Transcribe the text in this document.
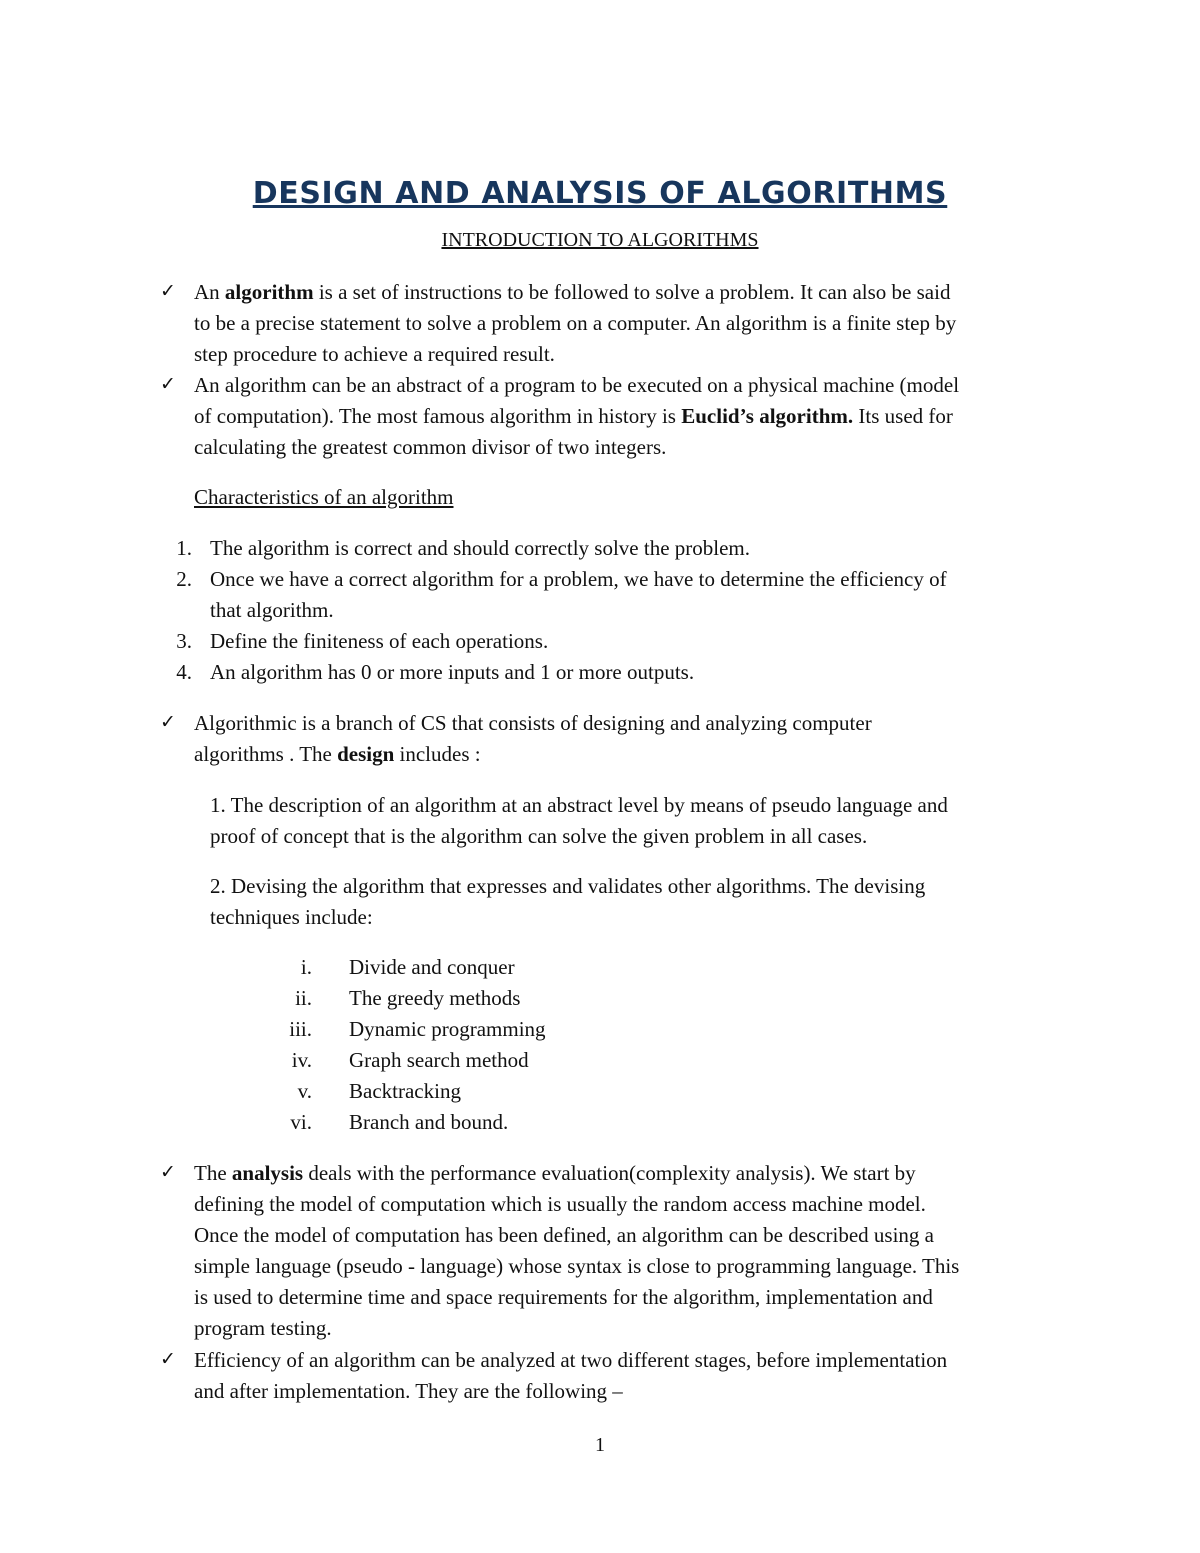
DESIGN AND ANALYSIS OF ALGORITHMS
INTRODUCTION TO ALGORITHMS
✓ An algorithm is a set of instructions to be followed to solve a problem. It can also be said
to be a precise statement to solve a problem on a computer. An algorithm is a finite step by
step procedure to achieve a required result.
✓ An algorithm can be an abstract of a program to be executed on a physical machine (model
of computation). The most famous algorithm in history is Euclid’s algorithm. Its used for
calculating the greatest common divisor of two integers.
Characteristics of an algorithm
1. The algorithm is correct and should correctly solve the problem.
2. Once we have a correct algorithm for a problem, we have to determine the efficiency of
that algorithm.
3. Define the finiteness of each operations.
4. An algorithm has 0 or more inputs and 1 or more outputs.
✓ Algorithmic is a branch of CS that consists of designing and analyzing computer
algorithms . The design includes :
1. The description of an algorithm at an abstract level by means of pseudo language and
proof of concept that is the algorithm can solve the given problem in all cases.
2. Devising the algorithm that expresses and validates other algorithms. The devising
techniques include:
i. Divide and conquer
ii. The greedy methods
iii. Dynamic programming
iv. Graph search method
v. Backtracking
vi. Branch and bound.
✓ The analysis deals with the performance evaluation(complexity analysis). We start by
defining the model of computation which is usually the random access machine model.
Once the model of computation has been defined, an algorithm can be described using a
simple language (pseudo - language) whose syntax is close to programming language. This
is used to determine time and space requirements for the algorithm, implementation and
program testing.
✓ Efficiency of an algorithm can be analyzed at two different stages, before implementation
and after implementation. They are the following –
1
